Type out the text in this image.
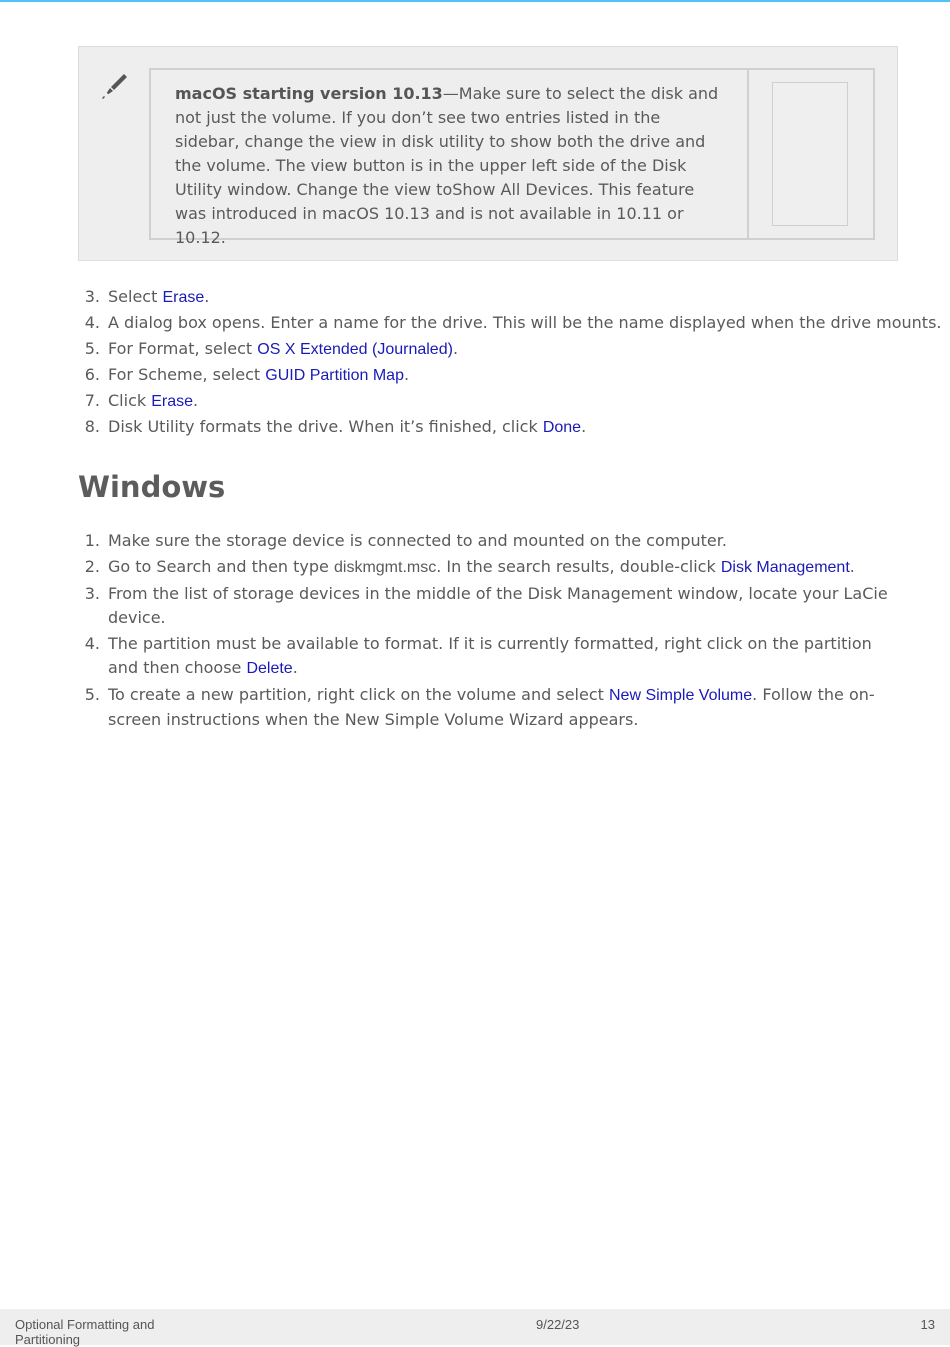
macOS starting version 10.13—Make sure to select the disk and not just the volume. If you don’t see two entries listed in the sidebar, change the view in disk utility to show both the drive and the volume. The view button is in the upper left side of the Disk Utility window. Change the view toShow All Devices. This feature was introduced in macOS 10.13 and is not available in 10.11 or 10.12.
3. Select Erase.
4. A dialog box opens. Enter a name for the drive. This will be the name displayed when the drive mounts.
5. For Format, select OS X Extended (Journaled).
6. For Scheme, select GUID Partition Map.
7. Click Erase.
8. Disk Utility formats the drive. When it’s finished, click Done.
Windows
1. Make sure the storage device is connected to and mounted on the computer.
2. Go to Search and then type diskmgmt.msc. In the search results, double-click Disk Management.
3. From the list of storage devices in the middle of the Disk Management window, locate your LaCie device.
4. The partition must be available to format. If it is currently formatted, right click on the partition and then choose Delete.
5. To create a new partition, right click on the volume and select New Simple Volume. Follow the on-screen instructions when the New Simple Volume Wizard appears.
Optional Formatting and Partitioning
9/22/23	13
